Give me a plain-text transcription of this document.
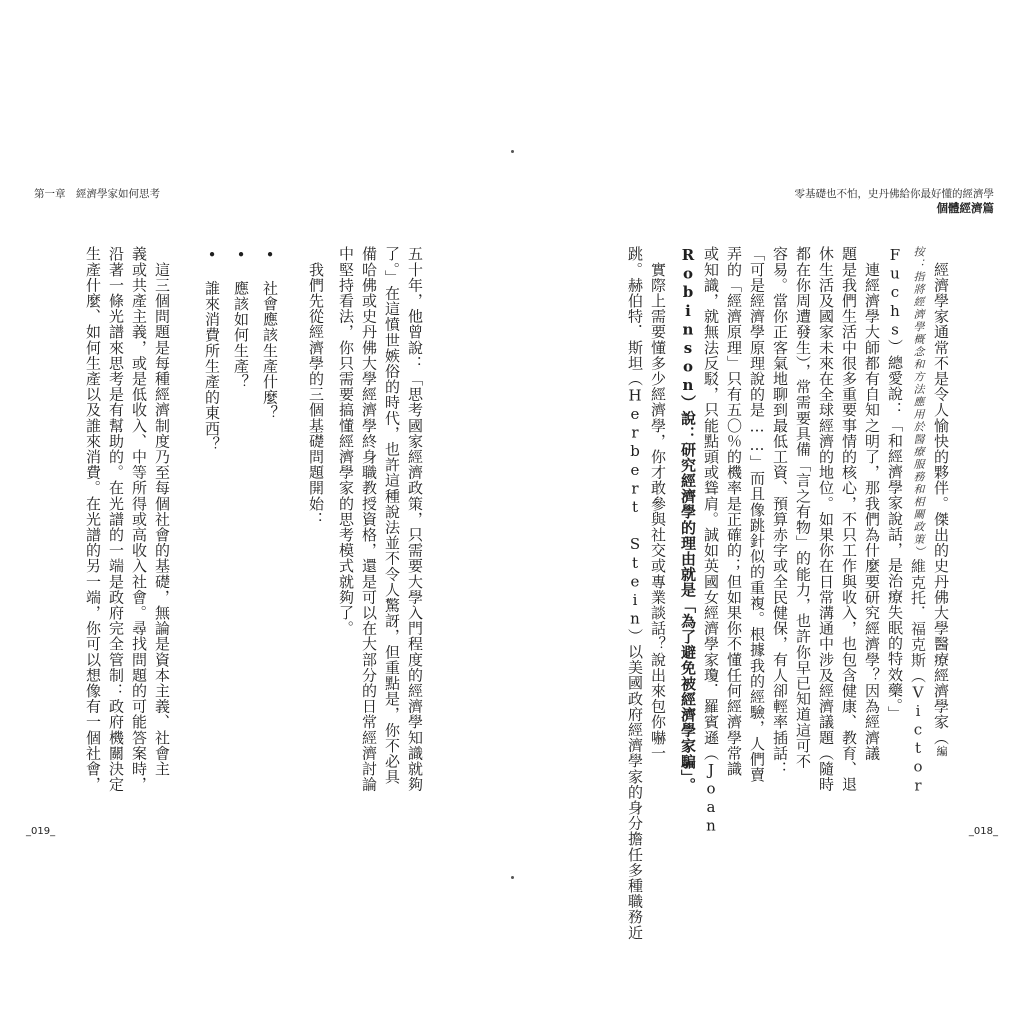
第一章　經濟學家如何思考
_019_
五十年，他曾說：「思考國家經濟政策，只需要大學入門程度的經濟學知識就夠
了。」在這憤世嫉俗的時代，也許這種說法並不令人驚訝，但重點是，你不必具
備哈佛或史丹佛大學經濟學終身職教授資格，還是可以在大部分的日常經濟討論
中堅持看法，你只需要搞懂經濟學家的思考模式就夠了。
　我們先從經濟學的三個基礎問題開始：
•　社會應該生產什麼？
•　應該如何生產？
•　誰來消費所生產的東西？
　這三個問題是每種經濟制度乃至每個社會的基礎，無論是資本主義、社會主
義或共產主義，或是低收入、中等所得或高收入社會。尋找問題的可能答案時，
沿著一條光譜來思考是有幫助的。在光譜的一端是政府完全管制：政府機關決定
生產什麼、如何生產以及誰來消費。在光譜的另一端，你可以想像有一個社會，
零基礎也不怕，史丹佛給你最好懂的經濟學
個體經濟篇
_018_
　經濟學家通常不是令人愉快的夥伴。傑出的史丹佛大學醫療經濟學家（編
按：指將經濟學概念和方法應用於醫療服務和相關政策）維克托．福克斯（Victor
Fuchs）總愛說：「和經濟學家說話，是治療失眠的特效藥。」
　連經濟學大師都有自知之明了，那我們為什麼要研究經濟學？因為經濟議
題是我們生活中很多重要事情的核心，不只工作與收入，也包含健康、教育、退
休生活及國家未來在全球經濟的地位。如果你在日常溝通中涉及經濟議題（隨時
都在你周遭發生），常需要具備「言之有物」的能力，也許你早已知道這可不
容易。當你正客氣地聊到最低工資、預算赤字或全民健保，有人卻輕率插話：
「可是經濟學原理說的是……」而且像跳針似的重複。根據我的經驗，人們賣
弄的「經濟原理」只有五〇％的機率是正確的；但如果你不懂任何經濟學常識
或知識，就無法反駁，只能點頭或聳肩。誠如英國女經濟學家瓊．羅賓遜（Joan
Robinson）說：研究經濟學的理由就是「為了避免被經濟學家騙」。
　實際上需要懂多少經濟學，你才敢參與社交或專業談話？說出來包你嚇一
跳。赫伯特．斯坦（Herbert Stein）以美國政府經濟學家的身分擔任多種職務近
